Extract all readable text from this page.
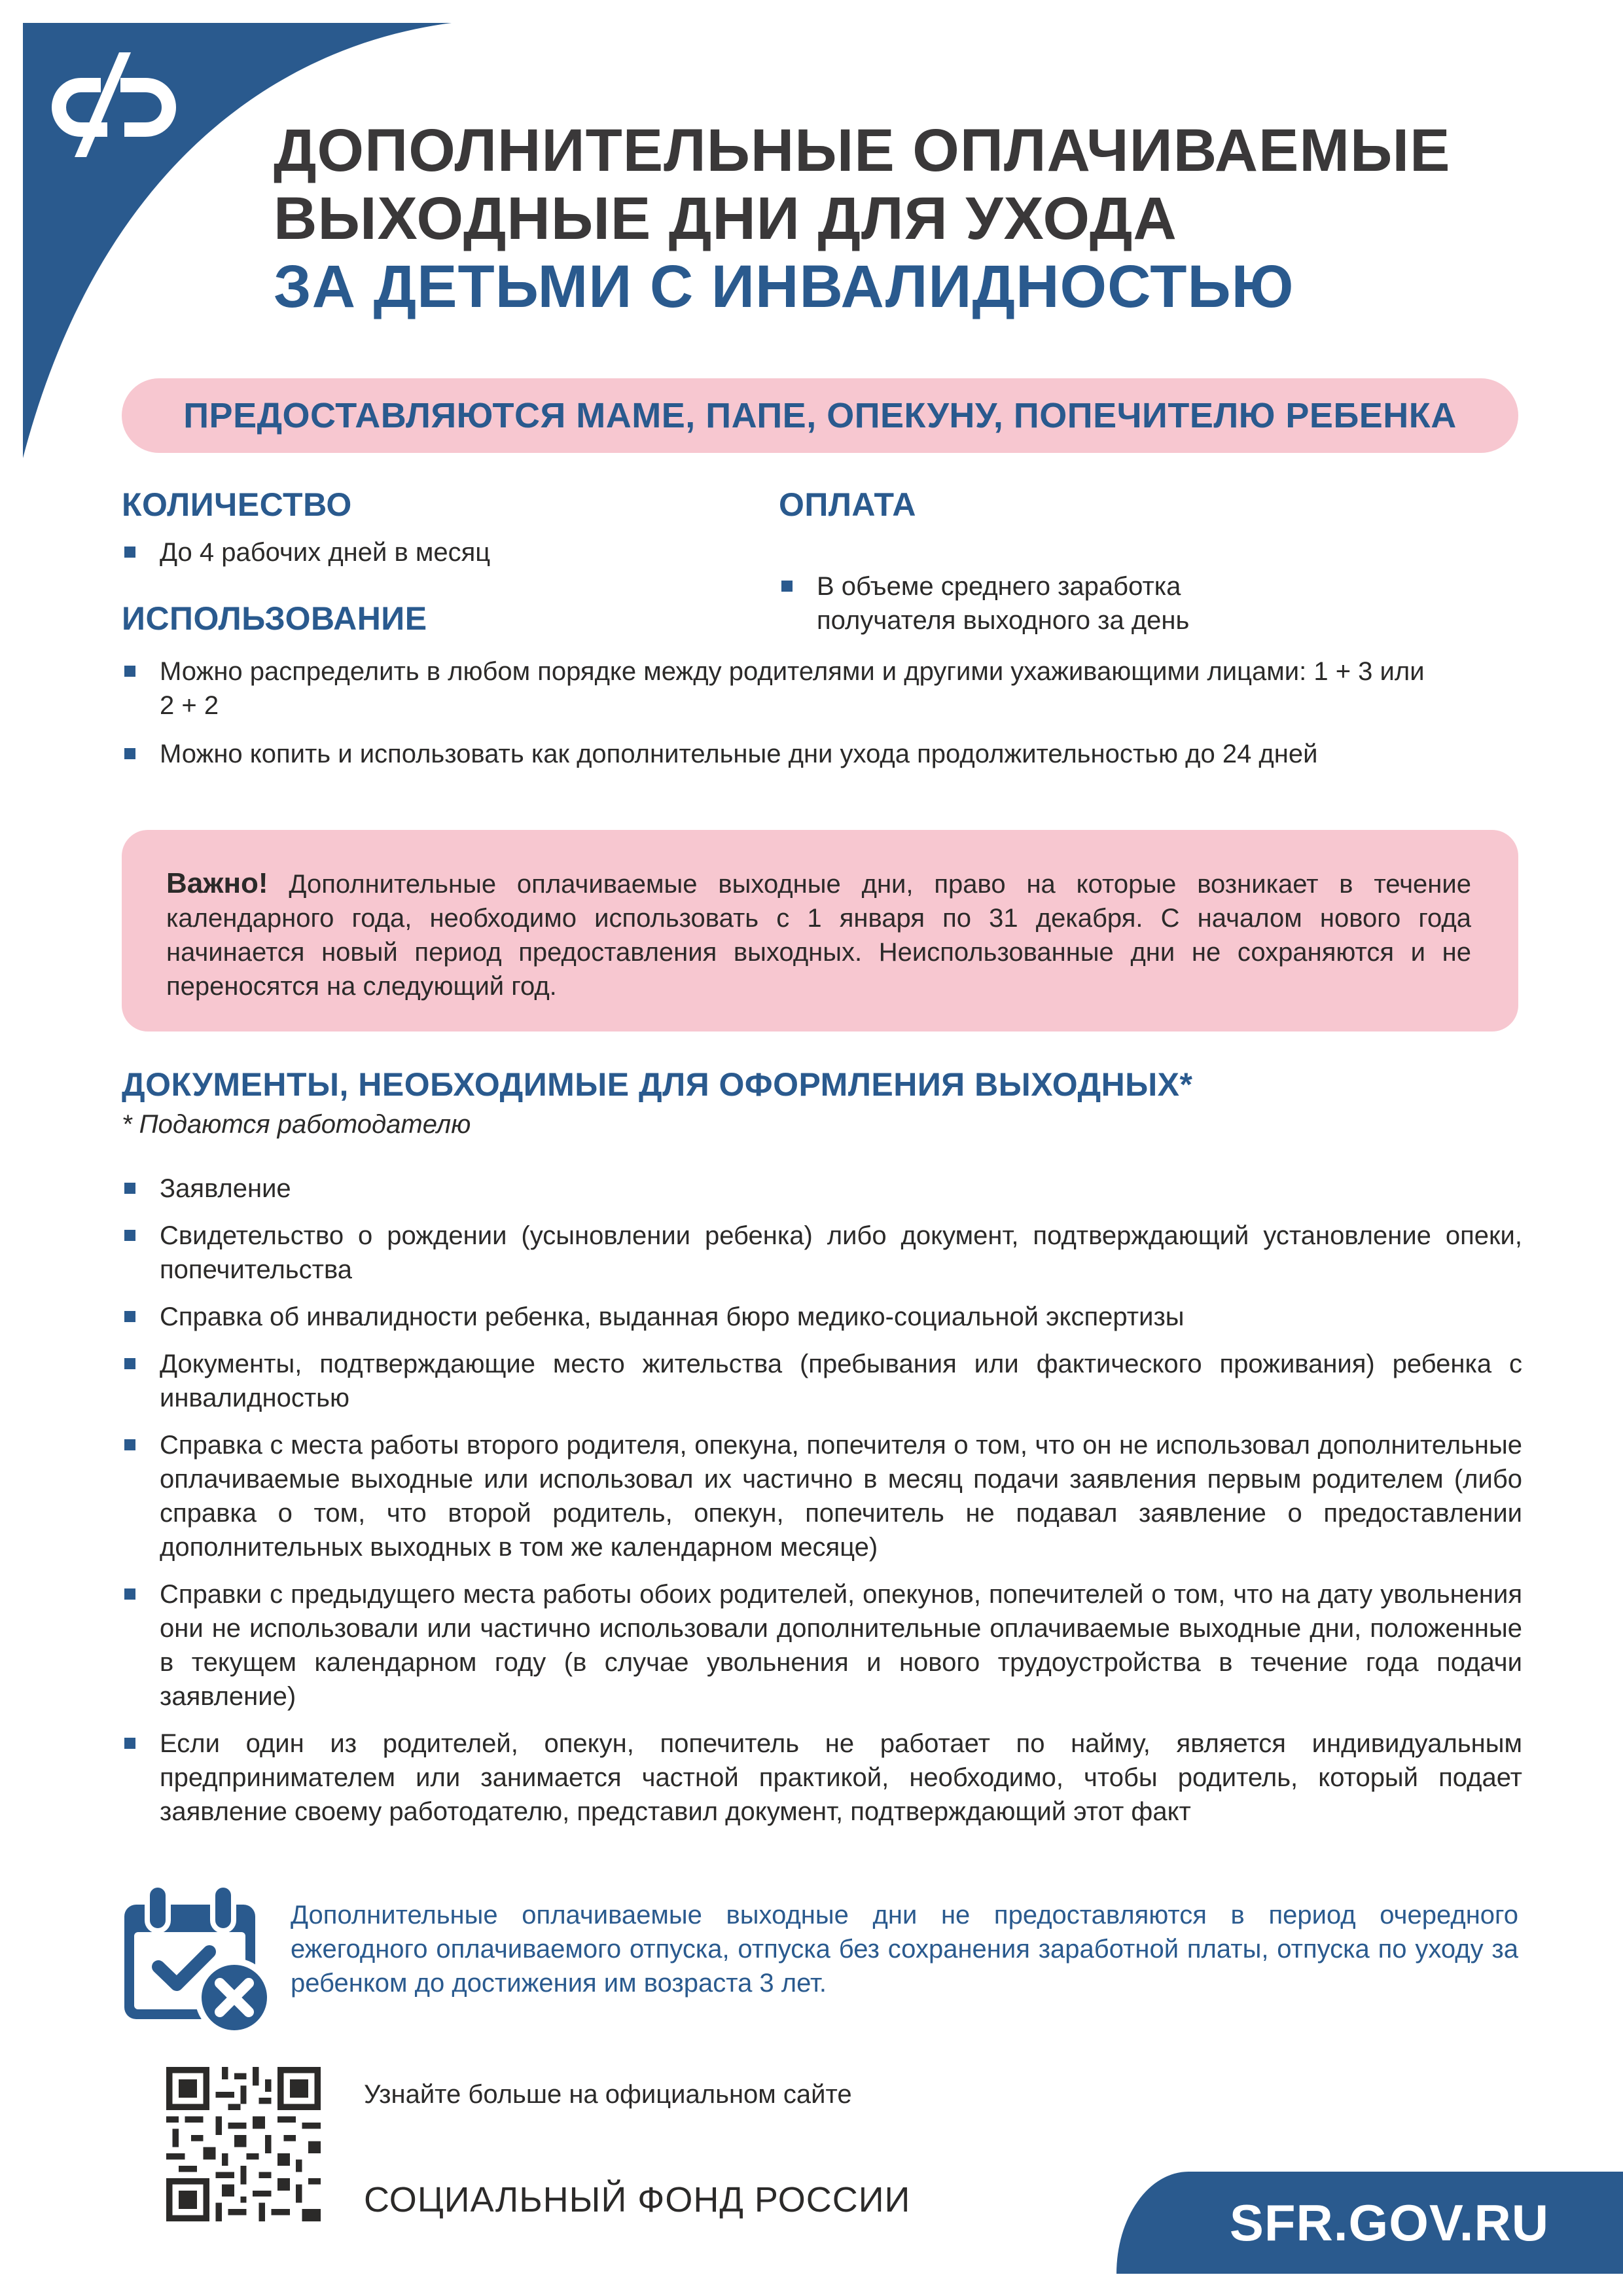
ДОПОЛНИТЕЛЬНЫЕ ОПЛАЧИВАЕМЫЕ
ВЫХОДНЫЕ ДНИ ДЛЯ УХОДА
ЗА ДЕТЬМИ С ИНВАЛИДНОСТЬЮ
ПРЕДОСТАВЛЯЮТСЯ МАМЕ, ПАПЕ, ОПЕКУНУ, ПОПЕЧИТЕЛЮ РЕБЕНКА
КОЛИЧЕСТВО
До 4 рабочих дней в месяц
ОПЛАТА
В объеме среднего заработка получателя выходного за день
ИСПОЛЬЗОВАНИЕ
Можно распределить в любом порядке между родителями и другими ухаживающими лицами: 1 + 3 или 2 + 2
Можно копить и использовать как дополнительные дни ухода продолжительностью до 24 дней

Важно! Дополнительные оплачиваемые выходные дни, право на которые возникает в течение календарного года, необходимо использовать с 1 января по 31 декабря. С началом нового года начинается новый период предоставления выходных. Неиспользованные дни не сохраняются и не переносятся на следующий год.

ДОКУМЕНТЫ, НЕОБХОДИМЫЕ ДЛЯ ОФОРМЛЕНИЯ ВЫХОДНЫХ*
* Подаются работодателю
Заявление
Свидетельство о рождении (усыновлении ребенка) либо документ, подтверждающий установление опеки, попечительства
Справка об инвалидности ребенка, выданная бюро медико-социальной экспертизы
Документы, подтверждающие место жительства (пребывания или фактического проживания) ребенка с инвалидностью
Справка с места работы второго родителя, опекуна, попечителя о том, что он не использовал дополнительные оплачиваемые выходные или использовал их частично в месяц подачи заявления первым родителем (либо справка о том, что второй родитель, опекун, попечитель не подавал заявление о предоставлении дополнительных выходных в том же календарном месяце)
Справки с предыдущего места работы обоих родителей, опекунов, попечителей о том, что на дату увольнения они не использовали или частично использовали дополнительные оплачиваемые выходные дни, положенные в текущем календарном году (в случае увольнения и нового трудоустройства в течение года подачи заявление)
Если один из родителей, опекун, попечитель не работает по найму, является индивидуальным предпринимателем или занимается частной практикой, необходимо, чтобы родитель, который подает заявление своему работодателю, представил документ, подтверждающий этот факт
Дополнительные оплачиваемые выходные дни не предоставляются в период очередного ежегодного оплачиваемого отпуска, отпуска без сохранения заработной платы, отпуска по уходу за ребенком до достижения им возраста 3 лет.
Узнайте больше на официальном сайте
СОЦИАЛЬНЫЙ ФОНД РОССИИ	SFR.GOV.RU
